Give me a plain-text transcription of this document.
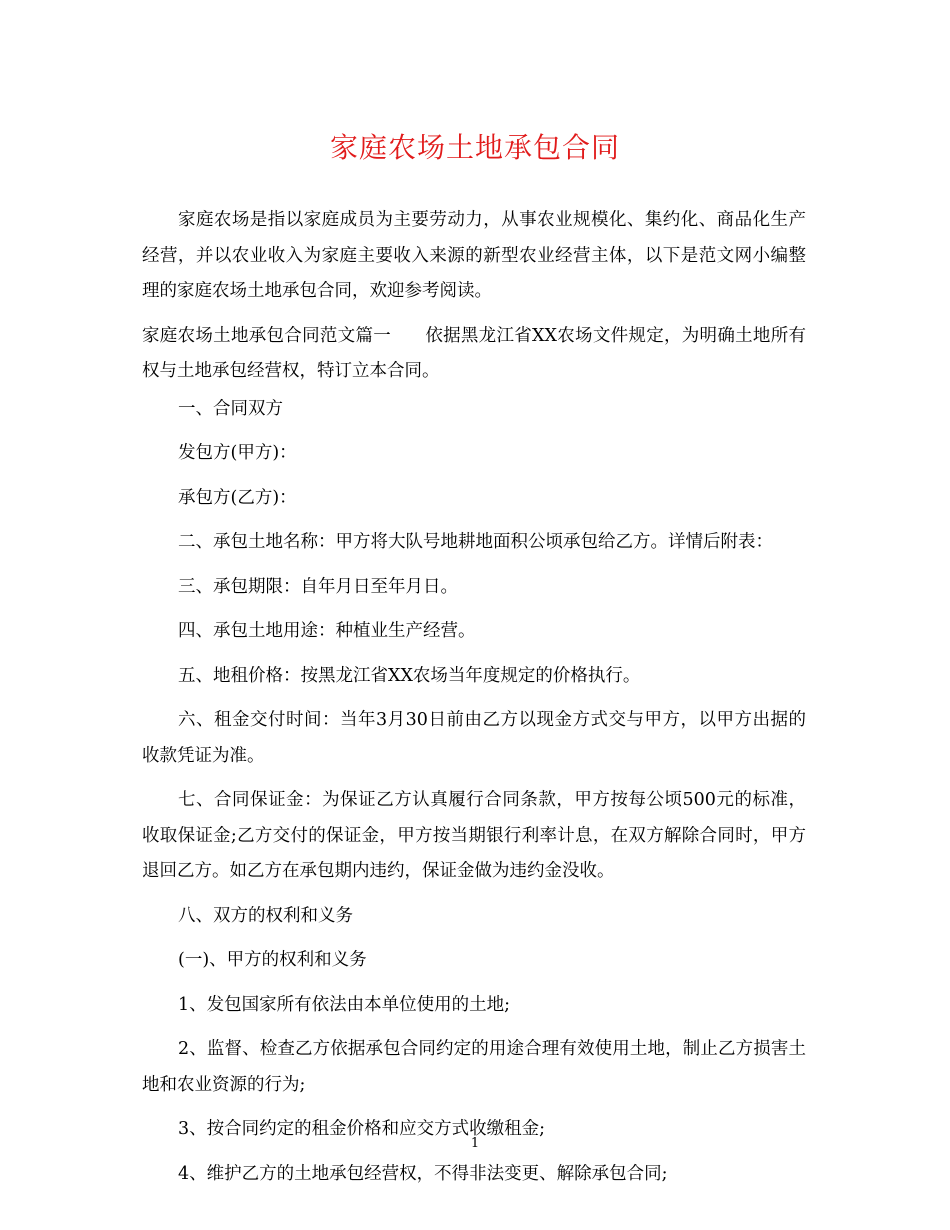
家庭农场土地承包合同

家庭农场是指以家庭成员为主要劳动力，从事农业规模化、集约化、商品化生产经营，并以农业收入为家庭主要收入来源的新型农业经营主体，以下是范文网小编整理的家庭农场土地承包合同，欢迎参考阅读。

家庭农场土地承包合同范文篇一 依据黑龙江省XX农场文件规定，为明确土地所有权与土地承包经营权，特订立本合同。

一、合同双方

发包方(甲方)：

承包方(乙方)：

二、承包土地名称：甲方将大队号地耕地面积公顷承包给乙方。详情后附表：

三、承包期限：自年月日至年月日。

四、承包土地用途：种植业生产经营。

五、地租价格：按黑龙江省XX农场当年度规定的价格执行。

六、租金交付时间：当年3月30日前由乙方以现金方式交与甲方，以甲方出据的收款凭证为准。

七、合同保证金：为保证乙方认真履行合同条款，甲方按每公顷500元的标准，收取保证金;乙方交付的保证金，甲方按当期银行利率计息，在双方解除合同时，甲方退回乙方。如乙方在承包期内违约，保证金做为违约金没收。

八、双方的权利和义务

(一)、甲方的权利和义务

1、发包国家所有依法由本单位使用的土地;

2、监督、检查乙方依据承包合同约定的用途合理有效使用土地，制止乙方损害土地和农业资源的行为;

3、按合同约定的租金价格和应交方式收缴租金;

4、维护乙方的土地承包经营权，不得非法变更、解除承包合同;

1
